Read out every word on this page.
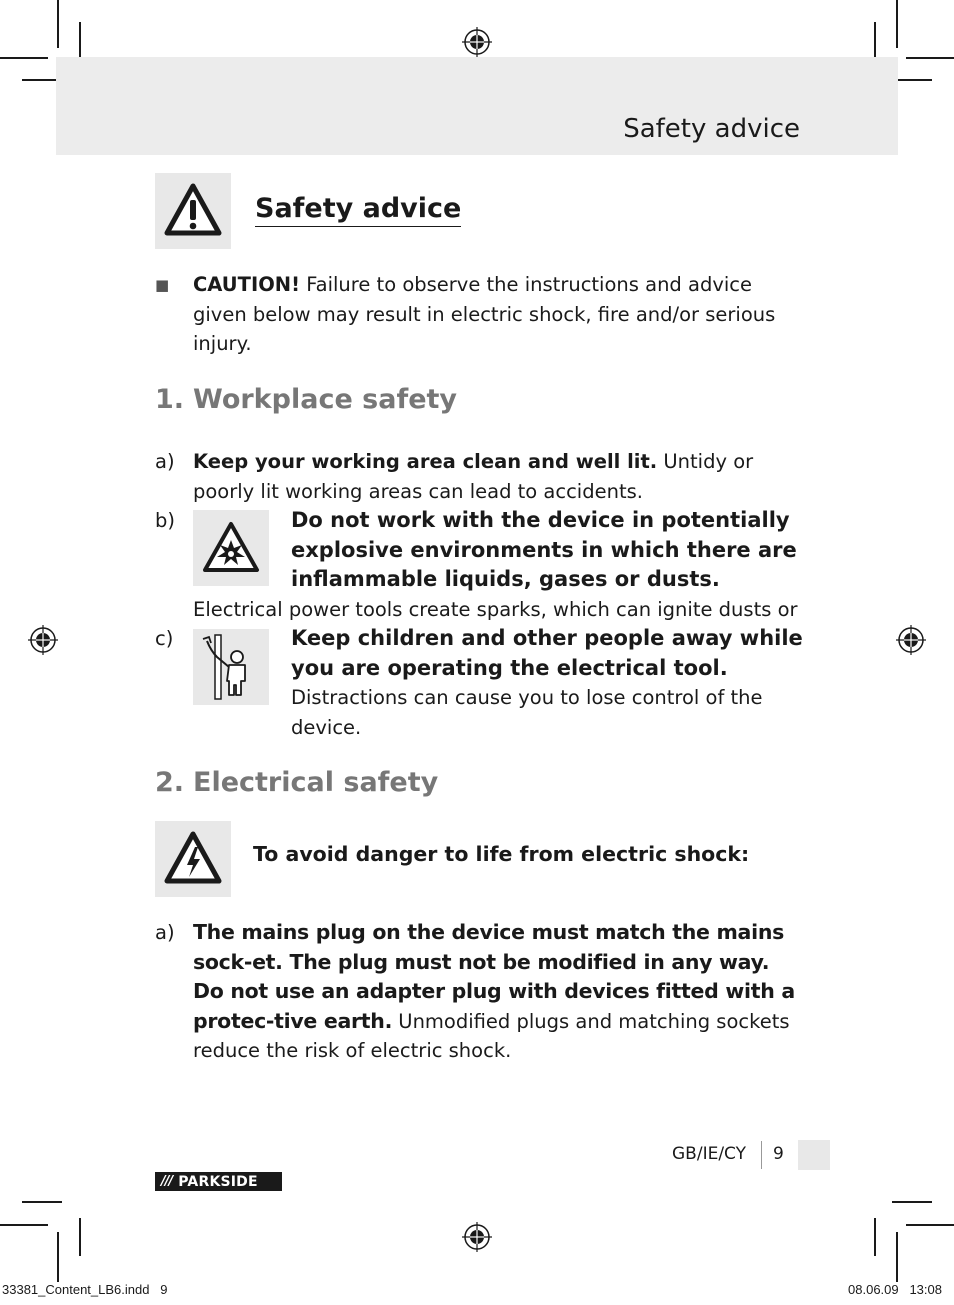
Safety advice
Safety advice
■ CAUTION! Failure to observe the instructions and advice given below may result in electric shock, fire and/or serious injury.
1. Workplace safety
a) Keep your working area clean and well lit. Untidy or poorly lit working areas can lead to accidents.
b)	Do not work with the device in potentially explosive environments in which there are inflammable liquids, gases or dusts. Electrical power tools create sparks, which can ignite dusts or
c)	Keep children and other people away while you are operating the electrical tool. Distractions can cause you to lose control of the device.
2. Electrical safety
To avoid danger to life from electric shock:
a) The mains plug on the device must match the mains sock-et. The plug must not be modified in any way. Do not use an adapter plug with devices fitted with a protec-tive earth. Unmodified plugs and matching sockets reduce the risk of electric shock.
GB/IE/CY 9
/// PARKSIDE
33381_Content_LB6.indd   9	08.06.09   13:08
